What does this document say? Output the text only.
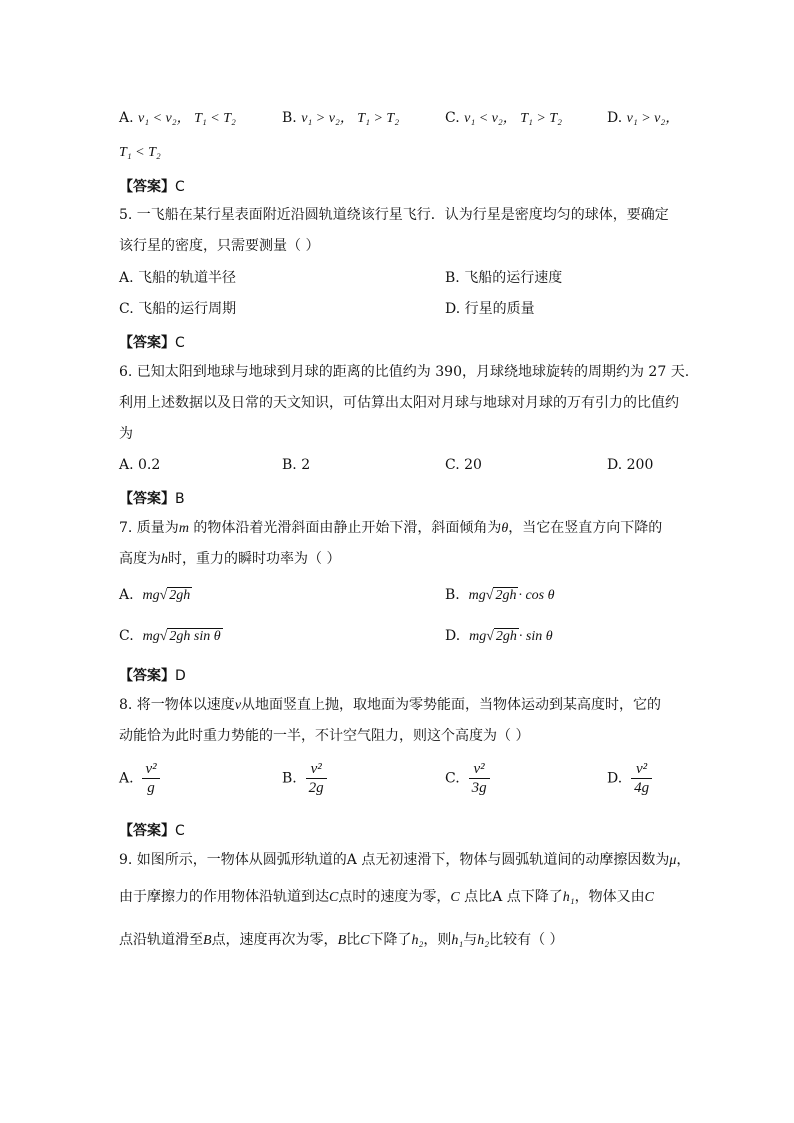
A. v₁ < v₂， T₁ < T₂	B. v₁ > v₂， T₁ > T₂	C. v₁ < v₂， T₁ > T₂	D. v₁ > v₂，
T₁ < T₂
【答案】C
5. 一飞船在某行星表面附近沿圆轨道绕该行星飞行．认为行星是密度均匀的球体，要确定
该行星的密度，只需要测量（ ）
A. 飞船的轨道半径	B. 飞船的运行速度
C. 飞船的运行周期	D. 行星的质量
【答案】C
6. 已知太阳到地球与地球到月球的距离的比值约为 390，月球绕地球旋转的周期约为 27 天.
利用上述数据以及日常的天文知识，可估算出太阳对月球与地球对月球的万有引力的比值约
为
A. 0.2	B. 2	C. 20	D. 200
【答案】B
7. 质量为m 的物体沿着光滑斜面由静止开始下滑，斜面倾角为θ，当它在竖直方向下降的
高度为h时，重力的瞬时功率为（ ）
A. mg√ 2gh	B. mg√ 2gh · cos θ
C. mg√ 2gh sin θ	D. mg√ 2gh · sin θ
【答案】D
8. 将一物体以速度v从地面竖直上抛，取地面为零势能面，当物体运动到某高度时，它的
动能恰为此时重力势能的一半，不计空气阻力，则这个高度为（ ）
A. $\frac{\text{v²}}{g}$	B. $\frac{\text{v²}}{2g}$	C. $\frac{\text{v²}}{3g}$	D. $\frac{\text{v²}}{4g}$
【答案】C
9. 如图所示，一物体从圆弧形轨道的A 点无初速滑下，物体与圆弧轨道间的动摩擦因数为μ，
由于摩擦力的作用物体沿轨道到达C点时的速度为零，C 点比A 点下降了h₁，物体又由C
点沿轨道滑至B点，速度再次为零，B比C下降了h₂，则h₁与h₂比较有（ ）
